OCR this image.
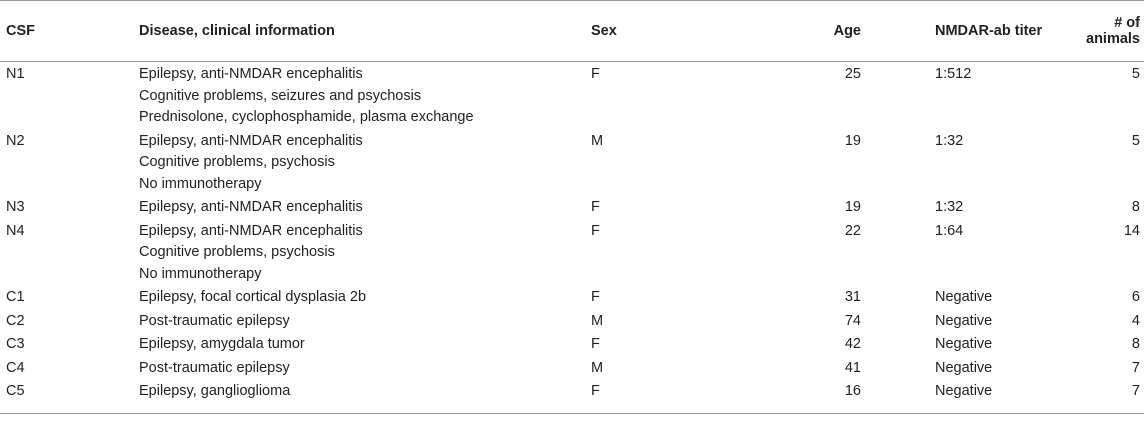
CSF	Disease, clinical information	Sex	Age		NMDAR-ab titer	# of animals
N1	Epilepsy, anti-NMDAR encephalitis
Cognitive problems, seizures and psychosis
Prednisolone, cyclophosphamide, plasma exchange	F	25		1:512	5
N2	Epilepsy, anti-NMDAR encephalitis
Cognitive problems, psychosis
No immunotherapy	M	19		1:32	5
N3	Epilepsy, anti-NMDAR encephalitis	F	19		1:32	8
N4	Epilepsy, anti-NMDAR encephalitis
Cognitive problems, psychosis
No immunotherapy	F	22		1:64	14
C1	Epilepsy, focal cortical dysplasia 2b	F	31		Negative	6
C2	Post-traumatic epilepsy	M	74		Negative	4
C3	Epilepsy, amygdala tumor	F	42		Negative	8
C4	Post-traumatic epilepsy	M	41		Negative	7
C5	Epilepsy, ganglioglioma	F	16		Negative	7
